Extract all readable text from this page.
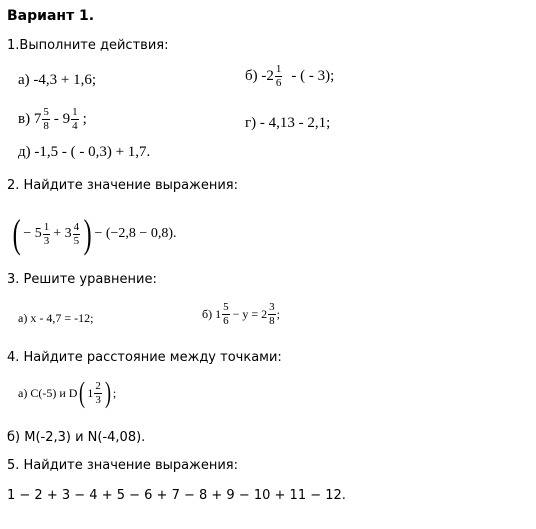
Вариант 1.
1.Выполните действия:
а) -4,3 + 1,6;	б) $-2 \frac{1}{6}$ - ( - 3);
в) $7 \frac{5}{8} - 9 \frac{1}{4}$ ;	г) - 4,13 - 2,1;
д) -1,5 - ( - 0,3) + 1,7.
2. Найдите значение выражения:
( − $5 \frac{1}{3} + 3 \frac{4}{5}$ ) − (−2,8 − 0,8).
3. Решите уравнение:
а) x - 4,7 = -12;	б) $1 \frac{5}{6} - y = 2 \frac{3}{8}$ ;
4. Найдите расстояние между точками:
а) C(-5) и D ( $1 \frac{2}{3}$ ) ;
б) M(-2,3) и N(-4,08).
5. Найдите значение выражения:
1 − 2 + 3 − 4 + 5 − 6 + 7 − 8 + 9 − 10 + 11 − 12.
